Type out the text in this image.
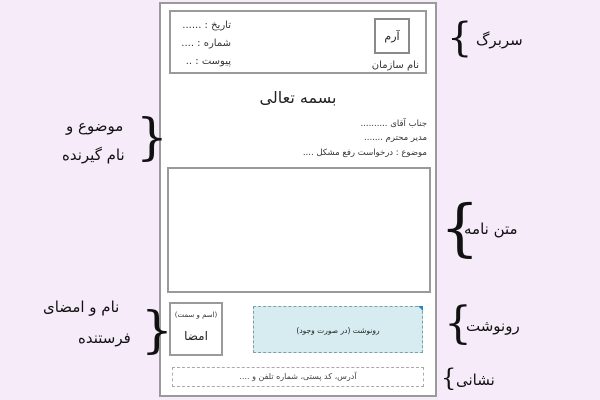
آرم
نام سازمان
تاریخ : ......
شماره : ....
پیوست : ..
بسمه تعالی
جناب آقای ..........
مدیر محترم .......
موضوع : درخواست رفع مشکل ....
(اسم و سمت)
امضا	رونوشت (در صورت وجود)
آدرس، کد پستی، شماره تلفن و ....
{ سربرگ
{
متن نامه
{
رونوشت
{ نشانی
موضوع و
نام گیرنده {
نام و امضای
فرستنده {
